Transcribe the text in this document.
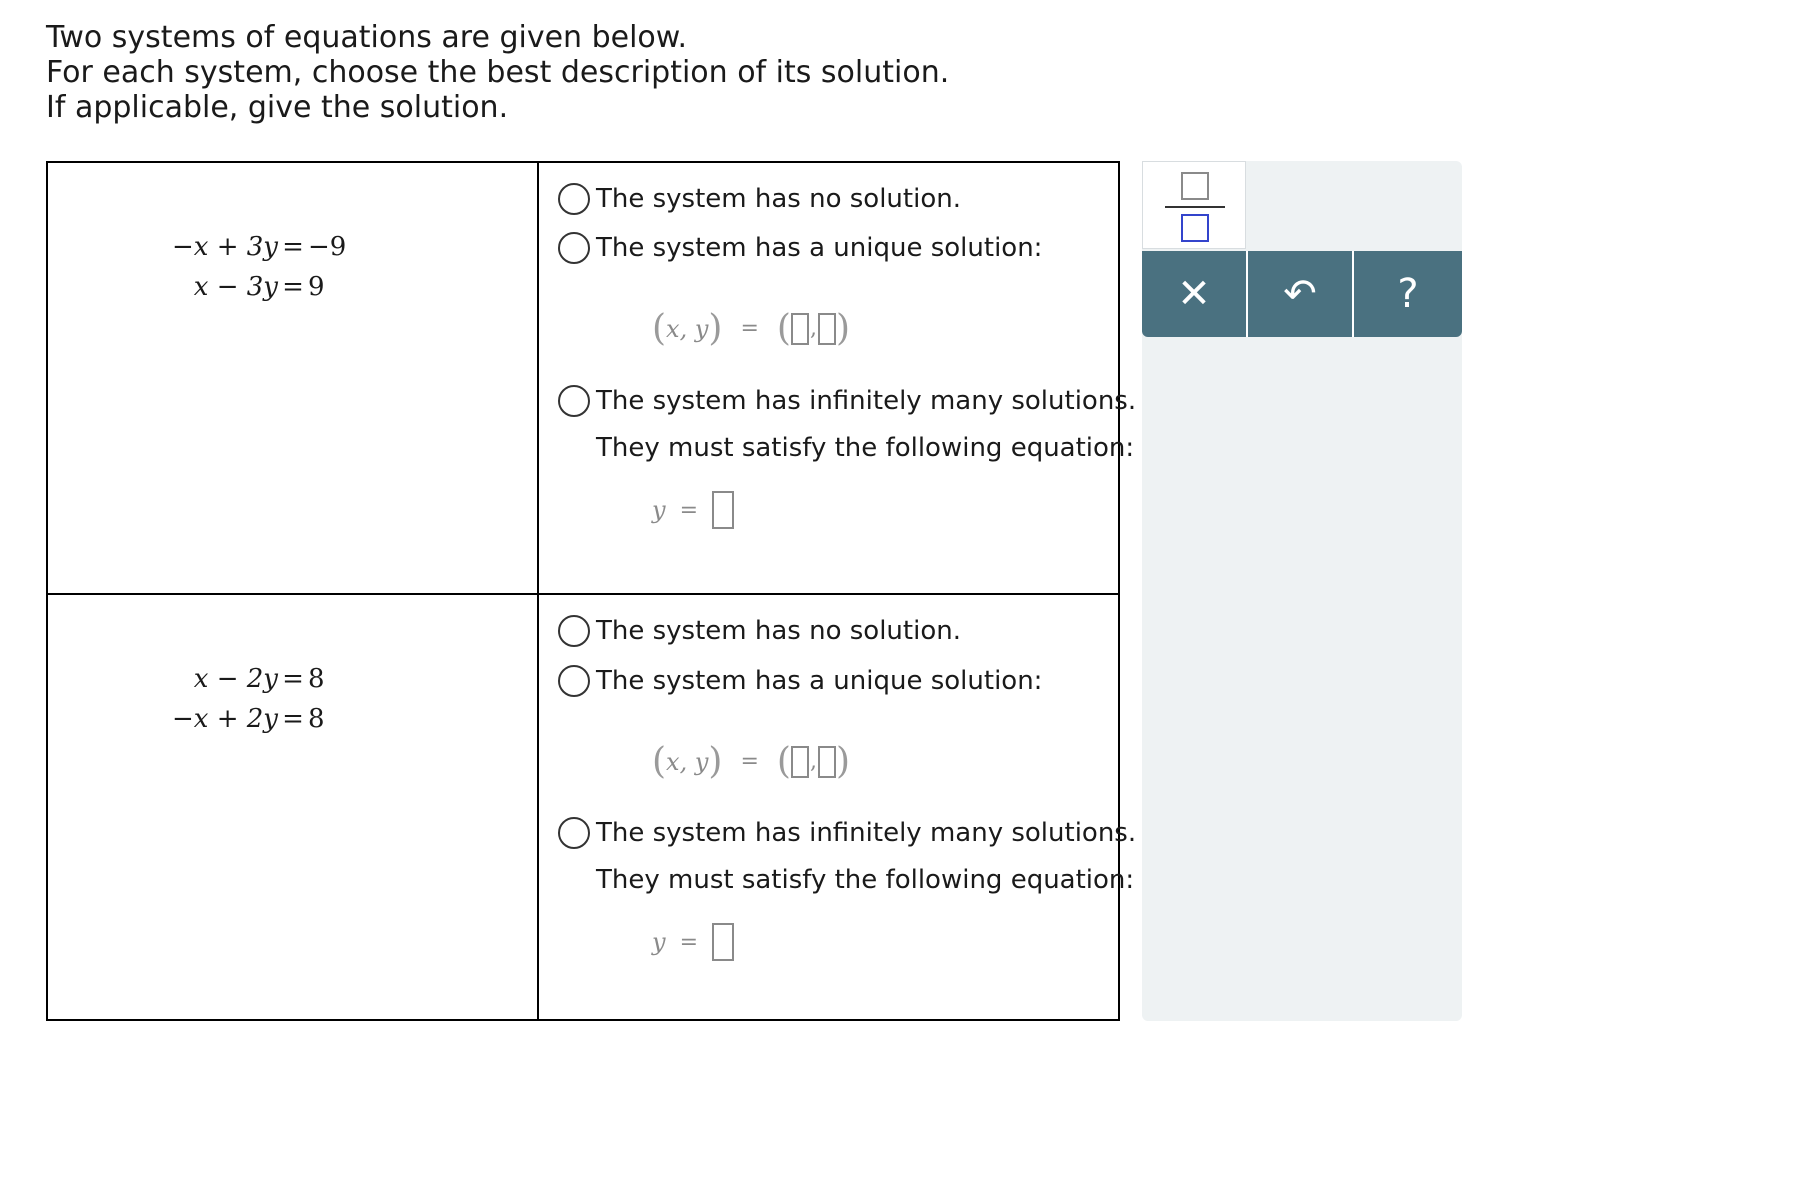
Two systems of equations are given below.
For each system, choose the best description of its solution.
If applicable, give the solution.
−x + 3y = −9
x − 3y = 9
The system has no solution.
The system has a unique solution:
( x, y ) = ( , )
The system has infinitely many solutions.
They must satisfy the following equation:
y =
x − 2y = 8
−x + 2y = 8
The system has no solution.
The system has a unique solution:
( x, y ) = ( , )
The system has infinitely many solutions.
They must satisfy the following equation:
y =
✕ ↶ ?
